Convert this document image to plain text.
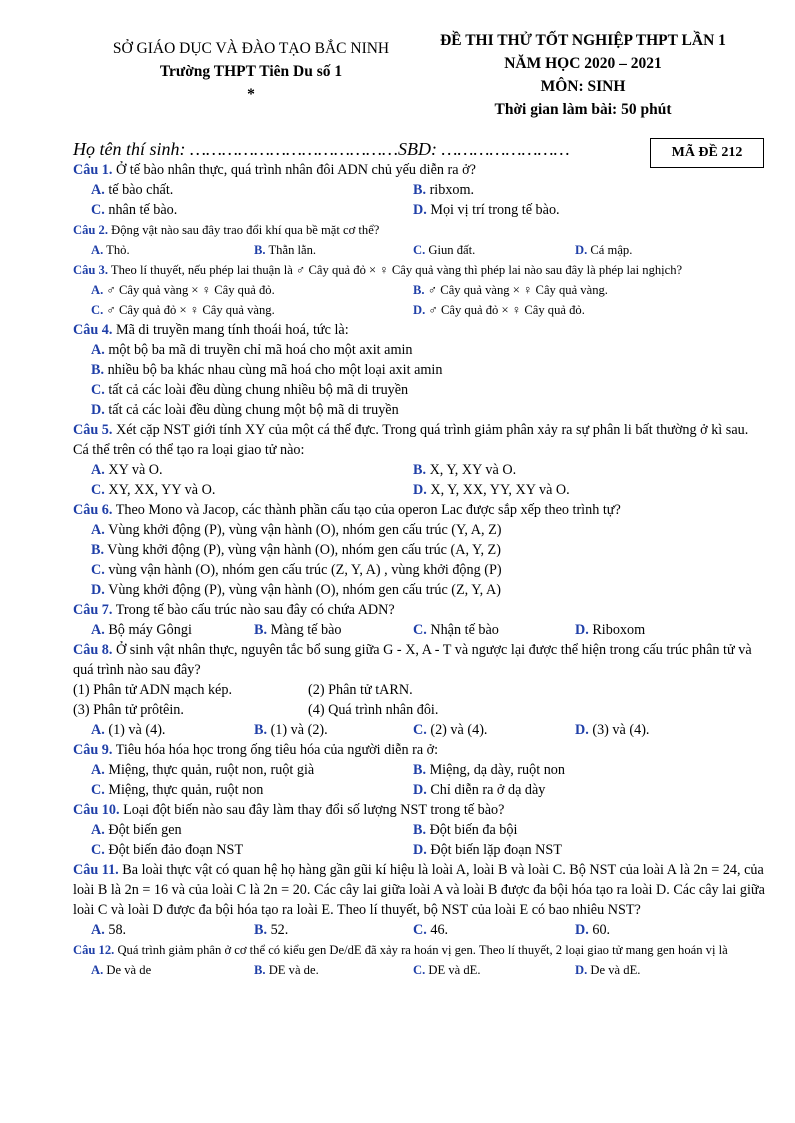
SỞ GIÁO DỤC VÀ ĐÀO TẠO BẮC NINH
Trường THPT Tiên Du số 1
*
ĐỀ THI THỬ TỐT NGHIỆP THPT LẦN 1
NĂM HỌC 2020 – 2021
MÔN: SINH
Thời gian làm bài: 50 phút
Họ tên thí sinh: …………………………………SBD: ……………………	MÃ ĐỀ 212

Câu 1. Ở tế bào nhân thực, quá trình nhân đôi ADN chủ yếu diễn ra ở?

A. tế bào chất.	B. ribxom.
C. nhân tế bào.	D. Mọi vị trí trong tế bào.

Câu 2. Động vật nào sau đây trao đổi khí qua bề mặt cơ thể?

A. Thỏ.	B. Thằn lằn.	C. Giun đất.	D. Cá mập.

Câu 3. Theo lí thuyết, nếu phép lai thuận là ♂ Cây quả đỏ × ♀ Cây quả vàng thì phép lai nào sau đây là phép lai nghịch?

A. ♂ Cây quả vàng × ♀ Cây quả đỏ.	B. ♂ Cây quả vàng × ♀ Cây quả vàng.
C. ♂ Cây quả đỏ × ♀ Cây quả vàng.	D. ♂ Cây quả đỏ × ♀ Cây quả đỏ.

Câu 4. Mã di truyền mang tính thoái hoá, tức là:

A. một bộ ba mã di truyền chỉ mã hoá cho một axit amin
B. nhiều bộ ba khác nhau cùng mã hoá cho một loại axit amin
C. tất cả các loài đều dùng chung nhiều bộ mã di truyền
D. tất cả các loài đều dùng chung một bộ mã di truyền

Câu 5. Xét cặp NST giới tính XY của một cá thể đực. Trong quá trình giảm phân xảy ra sự phân li bất thường ở kì sau. Cá thể trên có thể tạo ra loại giao tử nào:

A. XY và O.	B. X, Y, XY và O.
C. XY, XX, YY và O.	D. X, Y, XX, YY, XY và O.

Câu 6. Theo Mono và Jacop, các thành phần cấu tạo của operon Lac được sắp xếp theo trình tự?

A. Vùng khởi động (P), vùng vận hành (O), nhóm gen cấu trúc (Y, A, Z)
B. Vùng khởi động (P), vùng vận hành (O), nhóm gen cấu trúc (A, Y, Z)
C. vùng vận hành (O), nhóm gen cấu trúc (Z, Y, A) , vùng khởi động (P)
D. Vùng khởi động (P), vùng vận hành (O), nhóm gen cấu trúc (Z, Y, A)

Câu 7. Trong tế bào cấu trúc nào sau đây có chứa ADN?

A. Bộ máy Gôngi	B. Màng tế bào	C. Nhận tế bào	D. Riboxom

Câu 8. Ở sinh vật nhân thực, nguyên tắc bổ sung giữa G - X, A - T và ngược lại được thể hiện trong cấu trúc phân tử và quá trình nào sau đây?

(1) Phân tử ADN mạch kép.	(2) Phân tử tARN.
(3) Phân tử prôtêin.	(4) Quá trình nhân đôi.
A. (1) và (4).	B. (1) và (2).	C. (2) và (4).	D. (3) và (4).

Câu 9. Tiêu hóa hóa học trong ống tiêu hóa của người diễn ra ở:

A. Miệng, thực quản, ruột non, ruột già	B. Miệng, dạ dày, ruột non
C. Miệng, thực quản, ruột non	D. Chỉ diễn ra ở dạ dày

Câu 10. Loại đột biến nào sau đây làm thay đổi số lượng NST trong tế bào?

A. Đột biến gen	B. Đột biến đa bội
C. Đột biến đảo đoạn NST	D. Đột biến lặp đoạn NST

Câu 11. Ba loài thực vật có quan hệ họ hàng gần gũi kí hiệu là loài A, loài B và loài C. Bộ NST của loài A là 2n = 24, của loài B là 2n = 16 và của loài C là 2n = 20. Các cây lai giữa loài A và loài B được đa bội hóa tạo ra loài D. Các cây lai giữa loài C và loài D được đa bội hóa tạo ra loài E. Theo lí thuyết, bộ NST của loài E có bao nhiêu NST?

A. 58.	B. 52.	C. 46.	D. 60.

Câu 12. Quá trình giảm phân ở cơ thể có kiểu gen De/dE đã xảy ra hoán vị gen. Theo lí thuyết, 2 loại giao tử mang gen hoán vị là

A. De và de	B. DE và de.	C. DE và dE.	D. De và dE.
